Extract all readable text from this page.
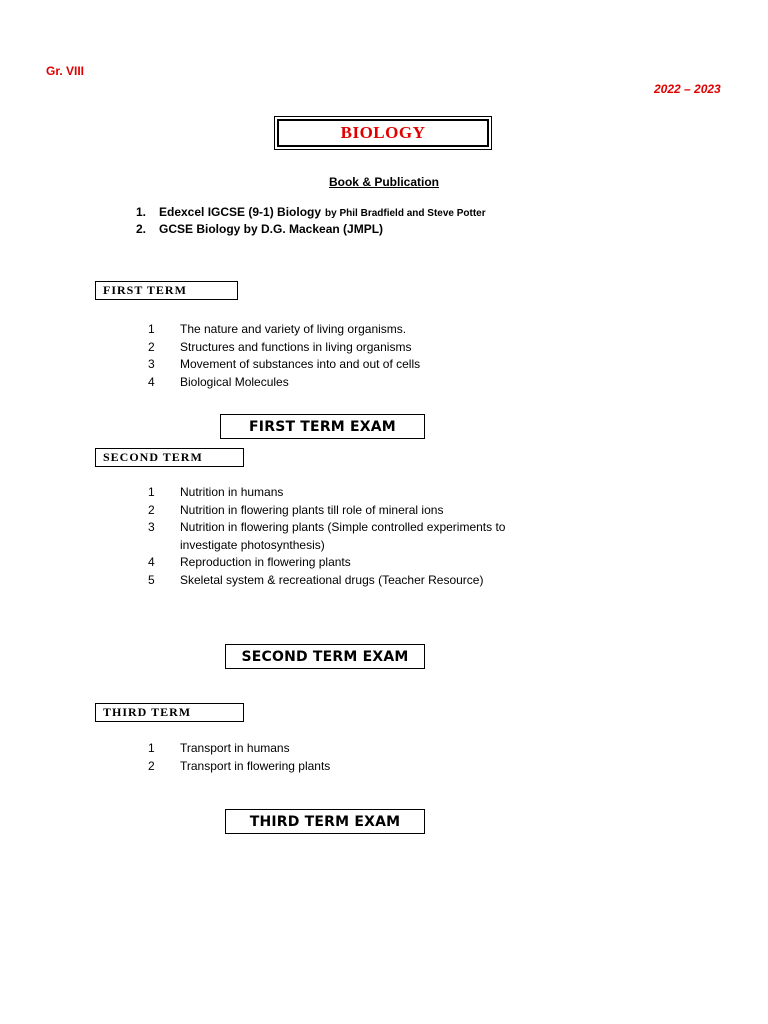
Gr. VIII
2022 – 2023
BIOLOGY
Book & Publication
1.	Edexcel IGCSE (9-1) Biology by Phil Bradfield and Steve Potter
2.	GCSE Biology by D.G. Mackean (JMPL)
FIRST TERM
1	The nature and variety of living organisms.
2	Structures and functions in living organisms
3	Movement of substances into and out of cells
4	Biological Molecules
FIRST TERM EXAM
SECOND TERM
1	Nutrition in humans
2	Nutrition in flowering plants till role of mineral ions
3	Nutrition in flowering plants (Simple controlled experiments to investigate photosynthesis)
4	Reproduction in flowering plants
5	Skeletal system & recreational drugs (Teacher Resource)
SECOND TERM EXAM
THIRD TERM
1	Transport in humans
2	Transport in flowering plants
THIRD TERM EXAM
